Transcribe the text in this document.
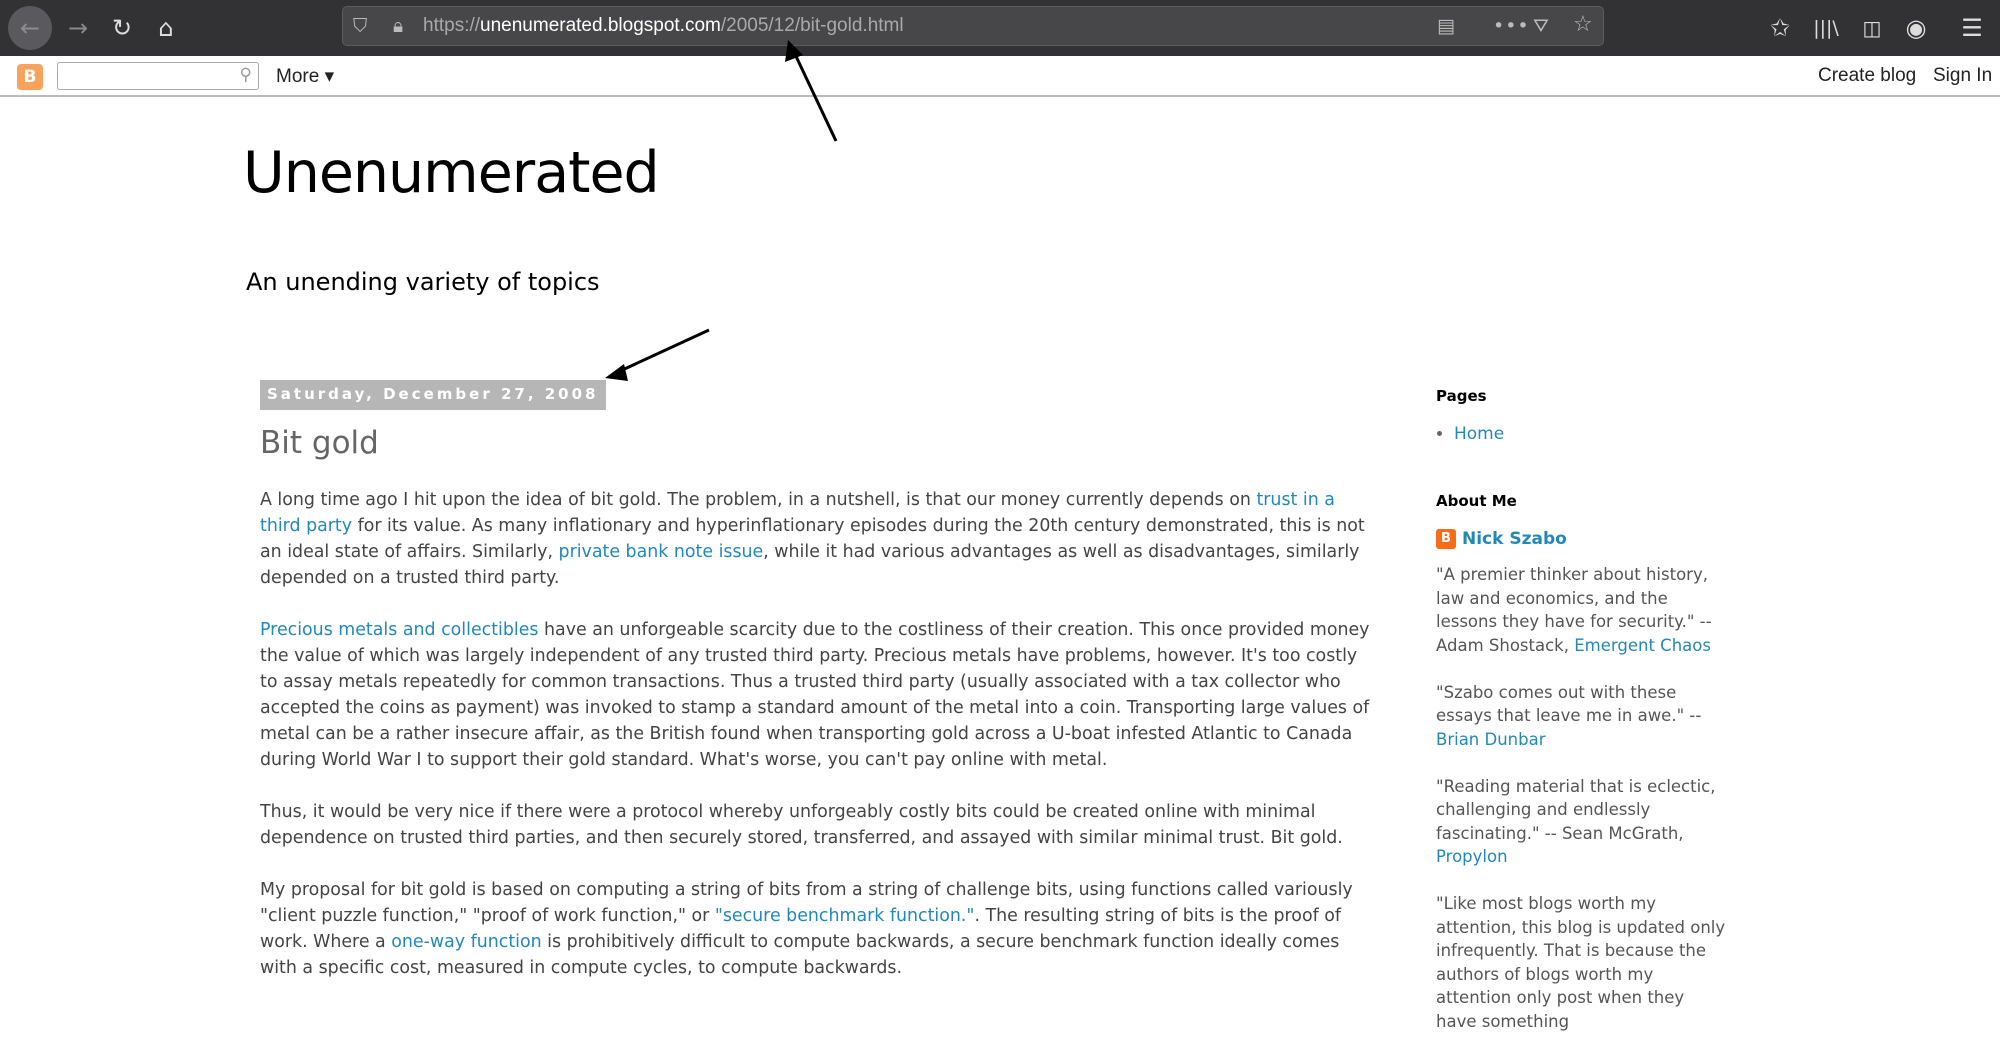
←	→ ↻	⌂	⛉ 🔒︎ https://unenumerated.blogspot.com/2005/12/bit-gold.html	▤ ••• ⛛ ☆	✩	|||\	◫	◉	☰
B	⚲ More ▾	Create blog Sign In
Unenumerated
An unending variety of topics
Saturday, December 27, 2008
Bit gold

A long time ago I hit upon the idea of bit gold. The problem, in a nutshell, is that our money currently depends on trust in a third party for its value. As many inflationary and hyperinflationary episodes during the 20th century demonstrated, this is not an ideal state of affairs. Similarly, private bank note issue, while it had various advantages as well as disadvantages, similarly depended on a trusted third party.

Precious metals and collectibles have an unforgeable scarcity due to the costliness of their creation. This once provided money the value of which was largely independent of any trusted third party. Precious metals have problems, however. It's too costly to assay metals repeatedly for common transactions. Thus a trusted third party (usually associated with a tax collector who accepted the coins as payment) was invoked to stamp a standard amount of the metal into a coin. Transporting large values of metal can be a rather insecure affair, as the British found when transporting gold across a U-boat infested Atlantic to Canada during World War I to support their gold standard. What's worse, you can't pay online with metal.

Thus, it would be very nice if there were a protocol whereby unforgeably costly bits could be created online with minimal dependence on trusted third parties, and then securely stored, transferred, and assayed with similar minimal trust. Bit gold.

My proposal for bit gold is based on computing a string of bits from a string of challenge bits, using functions called variously "client puzzle function," "proof of work function," or "secure benchmark function.". The resulting string of bits is the proof of work. Where a one-way function is prohibitively difficult to compute backwards, a secure benchmark function ideally comes with a specific cost, measured in compute cycles, to compute backwards.

Pages
• Home
About Me
B Nick Szabo

"A premier thinker about history, law and economics, and the lessons they have for security." -- Adam Shostack, Emergent Chaos

"Szabo comes out with these essays that leave me in awe." -- Brian Dunbar

"Reading material that is eclectic, challenging and endlessly fascinating." -- Sean McGrath, Propylon

"Like most blogs worth my attention, this blog is updated only infrequently. That is because the authors of blogs worth my attention only post when they have something
